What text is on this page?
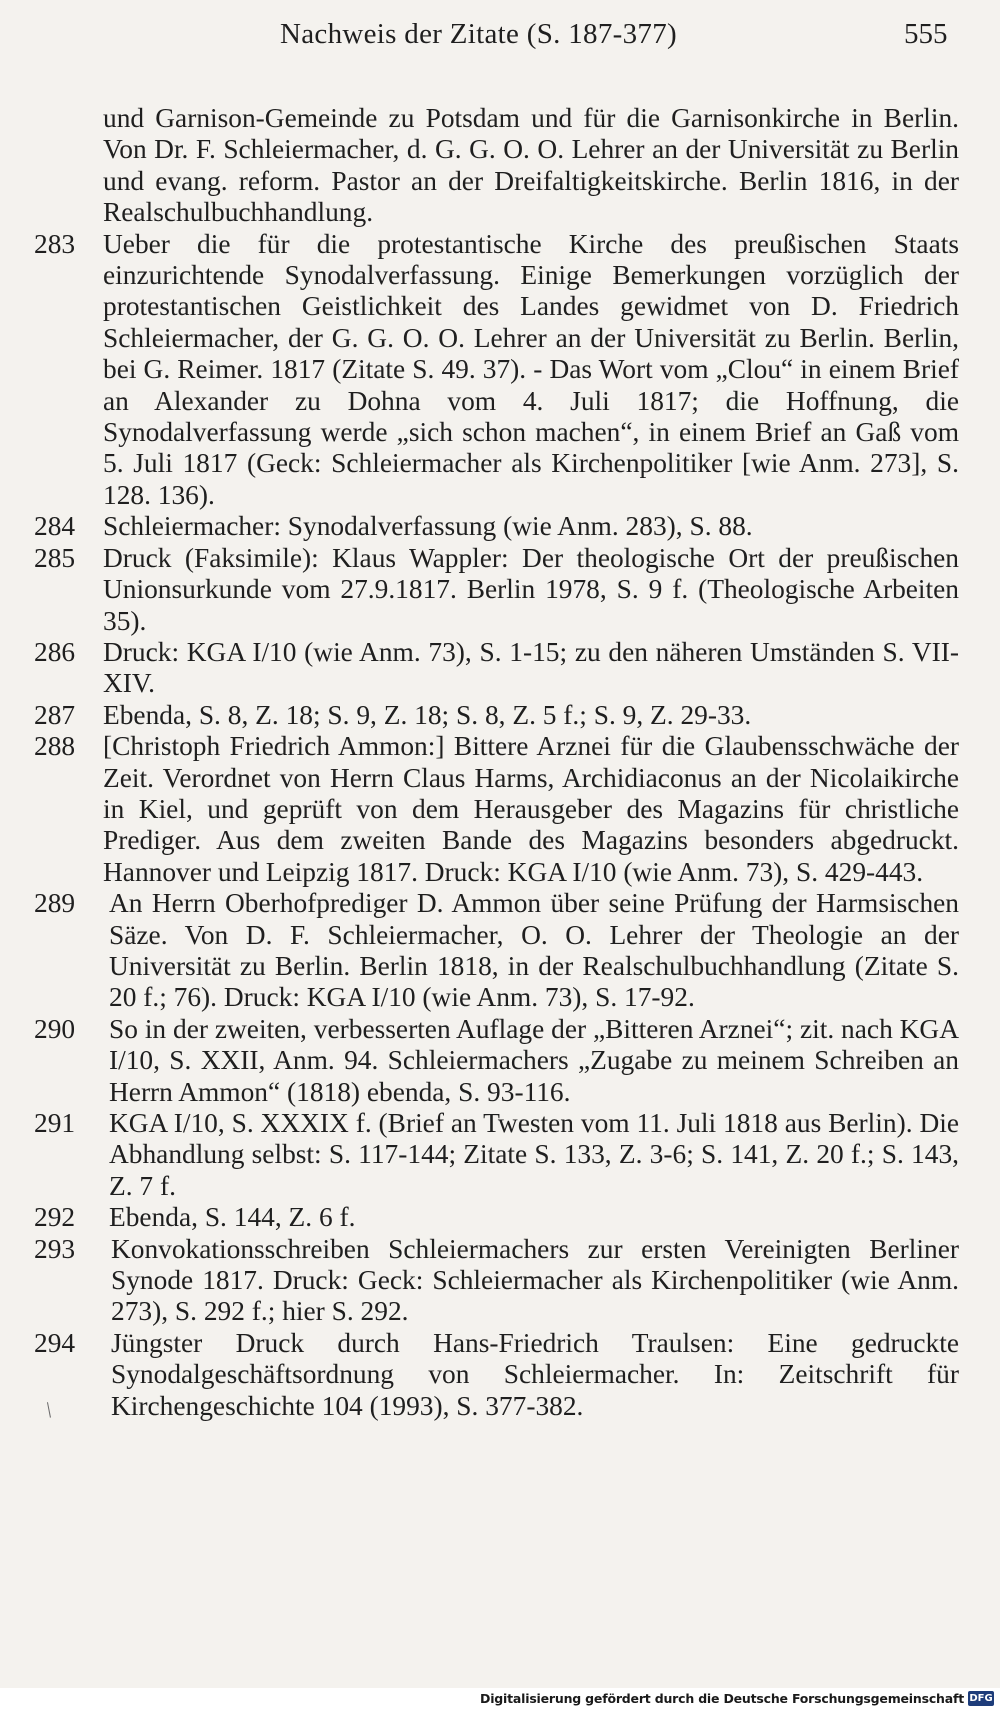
Nachweis der Zitate (S. 187-377)	555
und Garnison-Gemeinde zu Potsdam und für die Garnisonkirche in Berlin. Von Dr. F. Schleiermacher, d. G. G. O. O. Lehrer an der Universität zu Berlin und evang. reform. Pastor an der Dreifaltigkeitskirche. Berlin 1816, in der Realschulbuchhandlung.
283	Ueber die für die protestantische Kirche des preußischen Staats einzurichtende Synodalverfassung. Einige Bemerkungen vorzüglich der protestantischen Geistlichkeit des Landes gewidmet von D. Friedrich Schleiermacher, der G. G. O. O. Lehrer an der Universität zu Berlin. Berlin, bei G. Reimer. 1817 (Zitate S. 49. 37). - Das Wort vom „Clou“ in einem Brief an Alexander zu Dohna vom 4. Juli 1817; die Hoffnung, die Synodalverfassung werde „sich schon machen“, in einem Brief an Gaß vom 5. Juli 1817 (Geck: Schleiermacher als Kirchenpolitiker [wie Anm. 273], S. 128. 136).
284	Schleiermacher: Synodalverfassung (wie Anm. 283), S. 88.
285	Druck (Faksimile): Klaus Wappler: Der theologische Ort der preußischen Unionsurkunde vom 27.9.1817. Berlin 1978, S. 9 f. (Theologische Arbeiten 35).
286	Druck: KGA I/10 (wie Anm. 73), S. 1-15; zu den näheren Umständen S. VII-XIV.
287	Ebenda, S. 8, Z. 18; S. 9, Z. 18; S. 8, Z. 5 f.; S. 9, Z. 29-33.
288	[Christoph Friedrich Ammon:] Bittere Arznei für die Glaubensschwäche der Zeit. Verordnet von Herrn Claus Harms, Archidiaconus an der Nicolaikirche in Kiel, und geprüft von dem Herausgeber des Magazins für christliche Prediger. Aus dem zweiten Bande des Magazins besonders abgedruckt. Hannover und Leipzig 1817. Druck: KGA I/10 (wie Anm. 73), S. 429-443.
289	An Herrn Oberhofprediger D. Ammon über seine Prüfung der Harmsischen Säze. Von D. F. Schleiermacher, O. O. Lehrer der Theologie an der Universität zu Berlin. Berlin 1818, in der Realschulbuchhandlung (Zitate S. 20 f.; 76). Druck: KGA I/10 (wie Anm. 73), S. 17-92.
290	So in der zweiten, verbesserten Auflage der „Bitteren Arznei“; zit. nach KGA I/10, S. XXII, Anm. 94. Schleiermachers „Zugabe zu meinem Schreiben an Herrn Ammon“ (1818) ebenda, S. 93-116.
291	KGA I/10, S. XXXIX f. (Brief an Twesten vom 11. Juli 1818 aus Berlin). Die Abhandlung selbst: S. 117-144; Zitate S. 133, Z. 3-6; S. 141, Z. 20 f.; S. 143, Z. 7 f.
292	Ebenda, S. 144, Z. 6 f.
293	Konvokationsschreiben Schleiermachers zur ersten Vereinigten Berliner Synode 1817. Druck: Geck: Schleiermacher als Kirchenpolitiker (wie Anm. 273), S. 292 f.; hier S. 292.
294	Jüngster Druck durch Hans-Friedrich Traulsen: Eine gedruckte Synodalgeschäftsordnung von Schleiermacher. In: Zeitschrift für Kirchengeschichte 104 (1993), S. 377-382.
/
Digitalisierung gefördert durch die Deutsche Forschungsgemeinschaft DFG
